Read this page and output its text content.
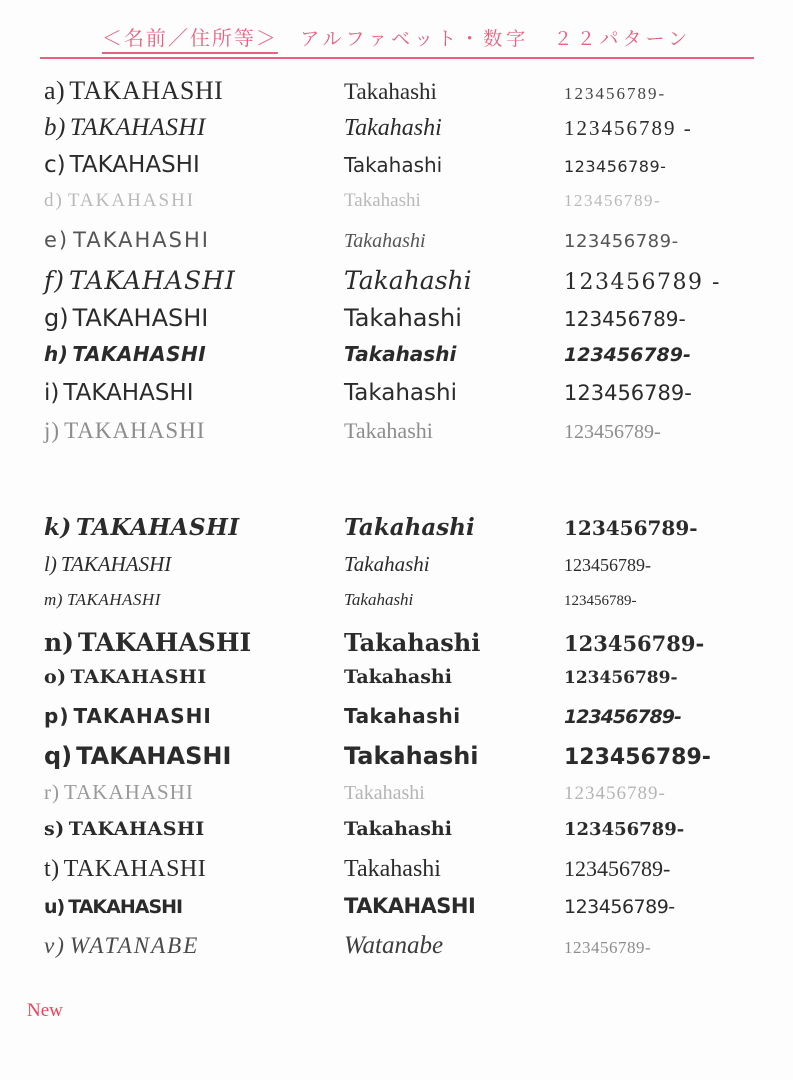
＜名前／住所等＞ アルファベット・数字 ２２パターン
a) TAKAHASHI	Takahashi	123456789-
b) TAKAHASHI	Takahashi	123456789 -
c) TAKAHASHI	Takahashi	123456789-
d) TAKAHASHI	Takahashi	123456789-
e) TAKAHASHI	Takahashi	123456789-
f) TAKAHASHI	Takahashi	123456789 -
g) TAKAHASHI	Takahashi	123456789-
h) TAKAHASHI	Takahashi	123456789-
i) TAKAHASHI	Takahashi	123456789-
j) TAKAHASHI	Takahashi	123456789-
k) TAKAHASHI	Takahashi	123456789-
l) TAKAHASHI	Takahashi	123456789-
m) TAKAHASHI	Takahashi	123456789-
n) TAKAHASHI	Takahashi	123456789-
o) TAKAHASHI	Takahashi	123456789-
p) TAKAHASHI	Takahashi	123456789-
q) TAKAHASHI	Takahashi	123456789-
r) TAKAHASHI	Takahashi	123456789-
s) TAKAHASHI	Takahashi	123456789-
t) TAKAHASHI	Takahashi	123456789-
u) TAKAHASHI	TAKAHASHI	123456789-
v) WATANABE	Watanabe	123456789-
New
